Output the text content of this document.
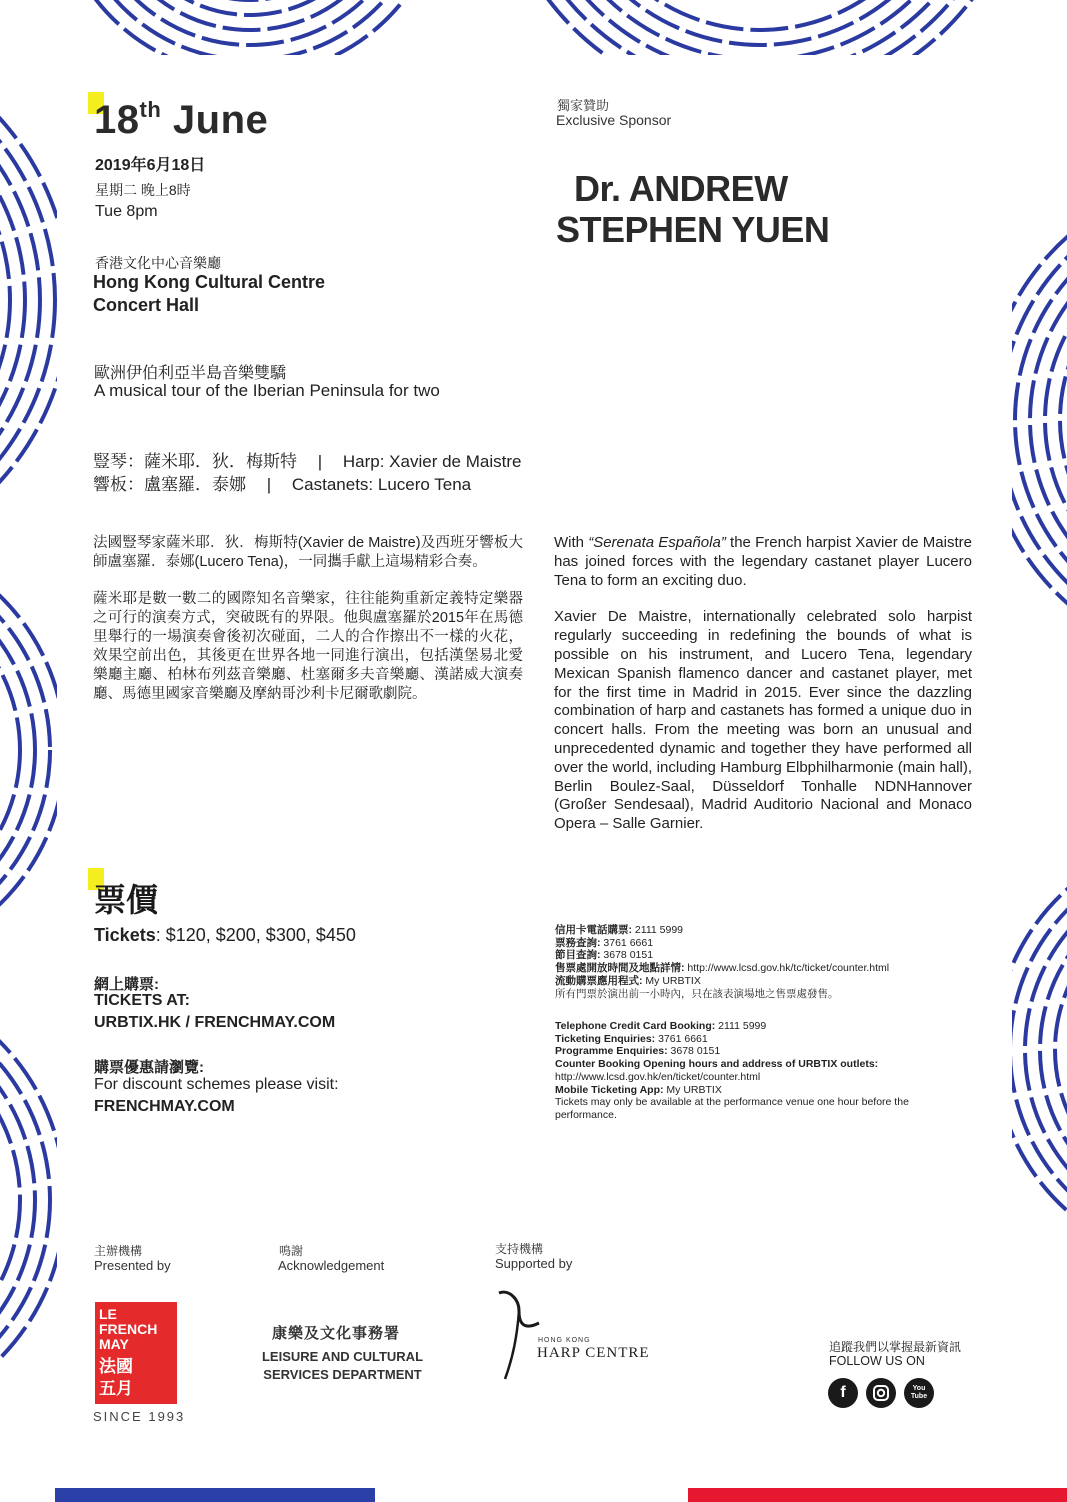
18th June
2019年6月18日
星期二 晚上8時
Tue 8pm
香港文化中心音樂廳
Hong Kong Cultural Centre
Concert Hall
歐洲伊伯利亞半島音樂雙驕
A musical tour of the Iberian Peninsula for two
豎琴：薩米耶．狄．梅斯特 | Harp: Xavier de Maistre
響板：盧塞羅．泰娜 | Castanets: Lucero Tena
獨家贊助
Exclusive Sponsor
Dr. ANDREW
STEPHEN YUEN

法國豎琴家薩米耶．狄．梅斯特(Xavier de Maistre)及西班牙響板大師盧塞羅．泰娜(Lucero Tena)，一同攜手獻上這場精彩合奏。

薩米耶是數一數二的國際知名音樂家，往往能夠重新定義特定樂器之可行的演奏方式，突破既有的界限。他與盧塞羅於2015年在馬德里舉行的一場演奏會後初次碰面，二人的合作擦出不一樣的火花，效果空前出色，其後更在世界各地一同進行演出，包括漢堡易北愛樂廳主廳、柏林布列茲音樂廳、杜塞爾多夫音樂廳、漢諾威大演奏廳、馬德里國家音樂廳及摩納哥沙利卡尼爾歌劇院。

With “Serenata Española” the French harpist Xavier de Maistre has joined forces with the legendary castanet player Lucero Tena to form an exciting duo.

Xavier De Maistre, internationally celebrated solo harpist regularly succeeding in redefining the bounds of what is possible on his instrument, and Lucero Tena, legendary Mexican Spanish flamenco dancer and castanet player, met for the first time in Madrid in 2015. Ever since the dazzling combination of harp and castanets has formed a unique duo in concert halls. From the meeting was born an unusual and unprecedented dynamic and together they have performed all over the world, including Hamburg Elbphilharmonie (main hall), Berlin Boulez-Saal, Düsseldorf Tonhalle NDNHannover (Großer Sendesaal), Madrid Auditorio Nacional and Monaco Opera – Salle Garnier.

票價
Tickets: $120, $200, $300, $450
網上購票:
TICKETS AT:
URBTIX.HK / FRENCHMAY.COM
購票優惠請瀏覽:
For discount schemes please visit:
FRENCHMAY.COM
信用卡電話購票: 2111 5999
票務查詢: 3761 6661
節目查詢: 3678 0151
售票處開放時間及地點詳情: http://www.lcsd.gov.hk/tc/ticket/counter.html
流動購票應用程式: My URBTIX
所有門票於演出前一小時內，只在該表演場地之售票處發售。
Telephone Credit Card Booking: 2111 5999
Ticketing Enquiries: 3761 6661
Programme Enquiries: 3678 0151
Counter Booking Opening hours and address of URBTIX outlets:
http://www.lcsd.gov.hk/en/ticket/counter.html
Mobile Ticketing App: My URBTIX
Tickets may only be available at the performance venue one hour before the
performance.
主辦機構
Presented by
鳴謝
Acknowledgement
支持機構
Supported by
LE
FRENCH
MAY
法國
五月
SINCE 1993
康樂及文化事務署
LEISURE AND CULTURAL SERVICES DEPARTMENT
HONG KONG
HARP CENTRE	追蹤我們以掌握最新資訊
FOLLOW US ON
f	You Tube
